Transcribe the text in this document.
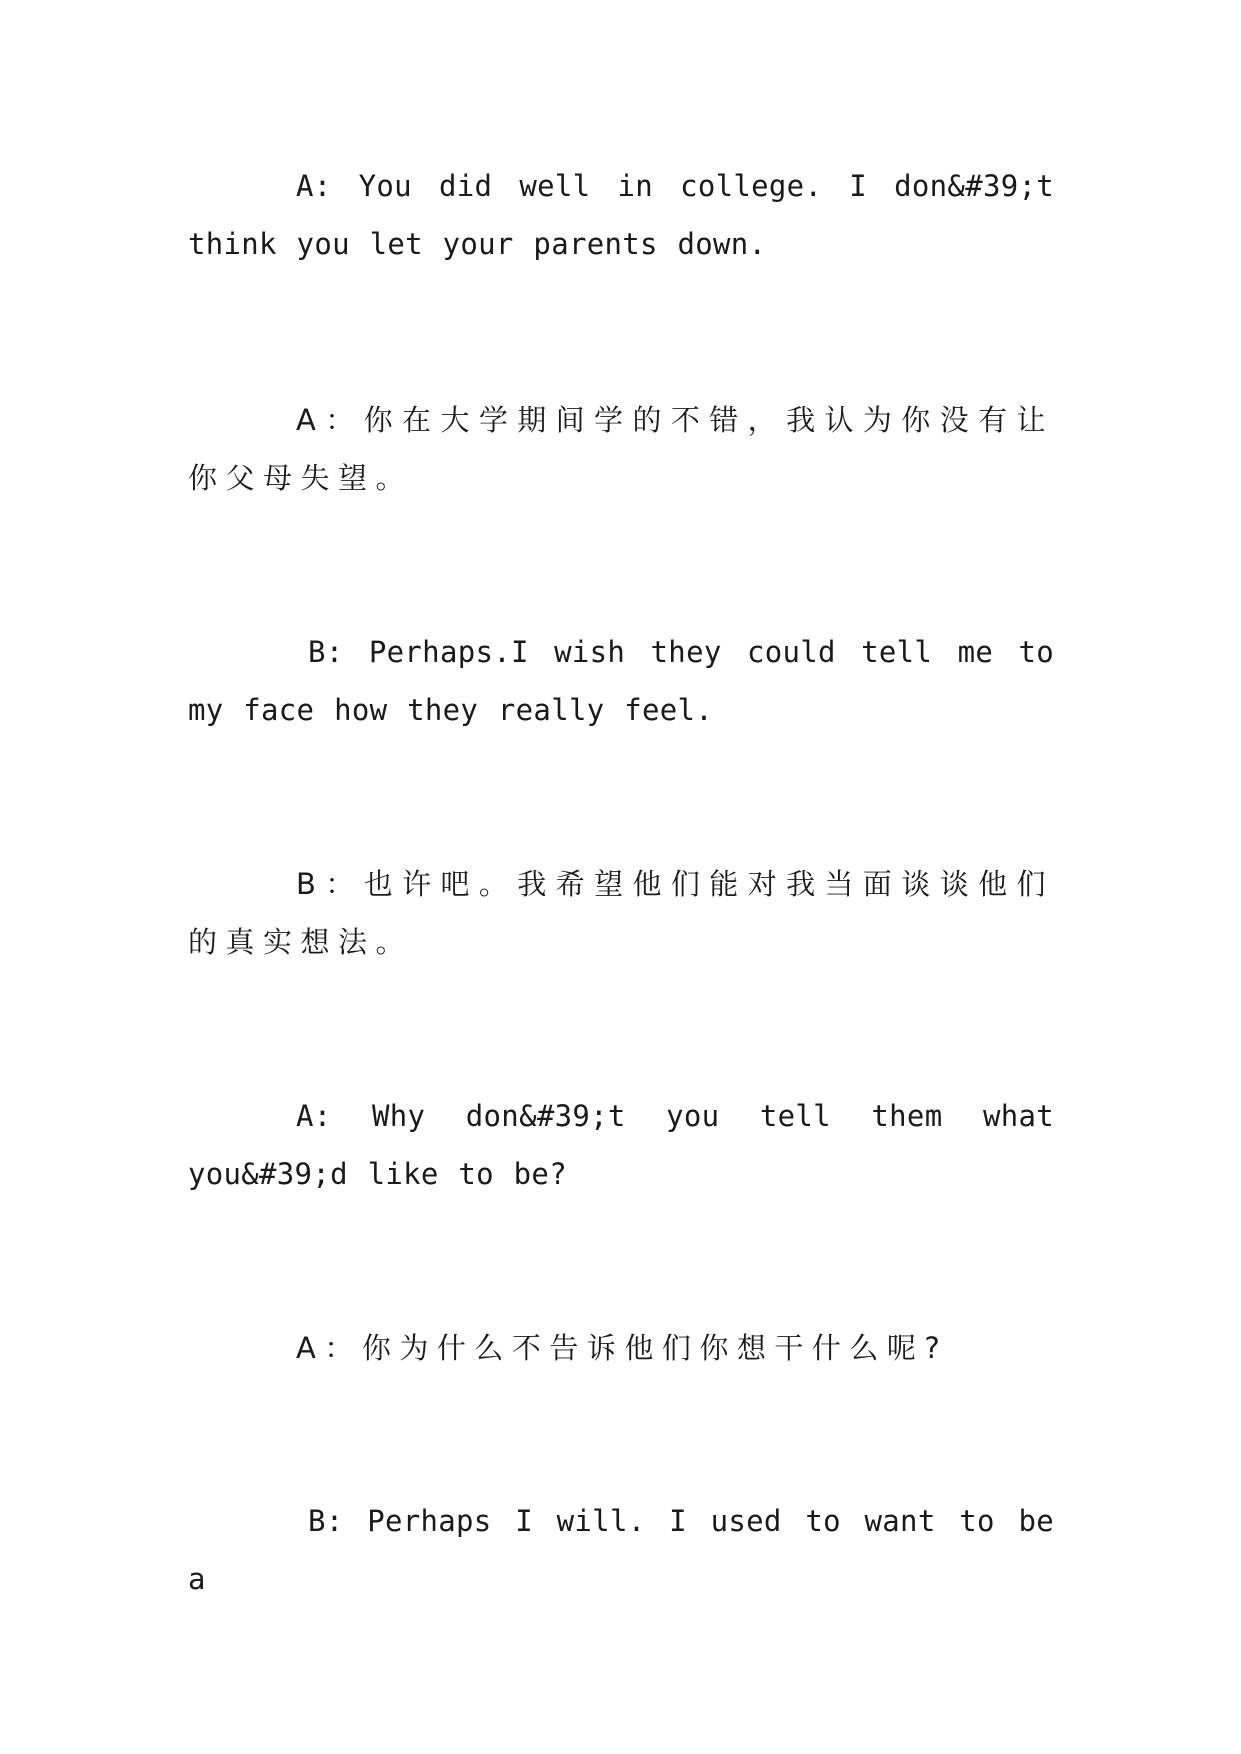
A: You did well in college. I don&#39;t think you let your parents down.

A：你在大学期间学的不错，我认为你没有让你父母失望。

B: Perhaps.I wish they could tell me to my face how they really feel.

B：也许吧。我希望他们能对我当面谈谈他们的真实想法。

A: Why don&#39;t you tell them what you&#39;d like to be?

A：你为什么不告诉他们你想干什么呢?

B: Perhaps I will. I used to want to be a
